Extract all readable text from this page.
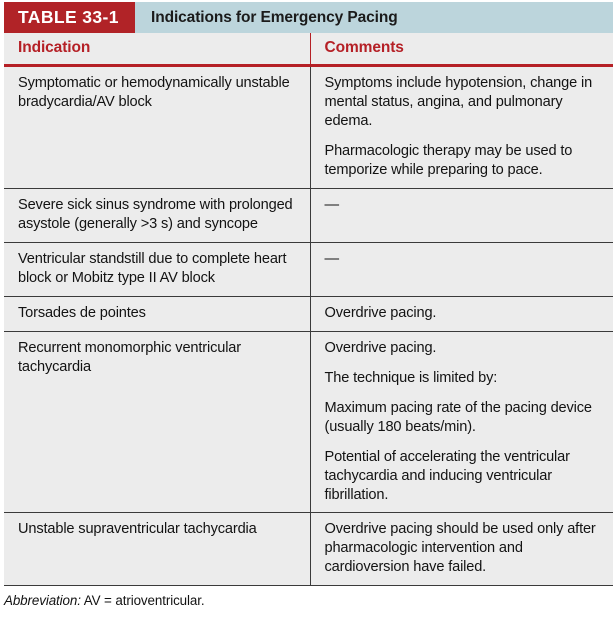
TABLE 33-1	Indications for Emergency Pacing
Indication	Comments

Symptomatic or hemodynamically unstable bradycardia/AV block	Symptoms include hypotension, change in mental status, angina, and pulmonary edema.

Pharmacologic therapy may be used to temporize while preparing to pace.

Severe sick sinus syndrome with prolonged asystole (generally >3 s) and syncope	—

Ventricular standstill due to complete heart block or Mobitz type II AV block	—

Torsades de pointes	Overdrive pacing.

Recurrent monomorphic ventricular tachycardia	Overdrive pacing.

The technique is limited by:

Maximum pacing rate of the pacing device (usually 180 beats/min).

Potential of accelerating the ventricular tachycardia and inducing ventricular fibrillation.

Unstable supraventricular tachycardia	Overdrive pacing should be used only after pharmacologic intervention and cardioversion have failed.

Abbreviation: AV = atrioventricular.
